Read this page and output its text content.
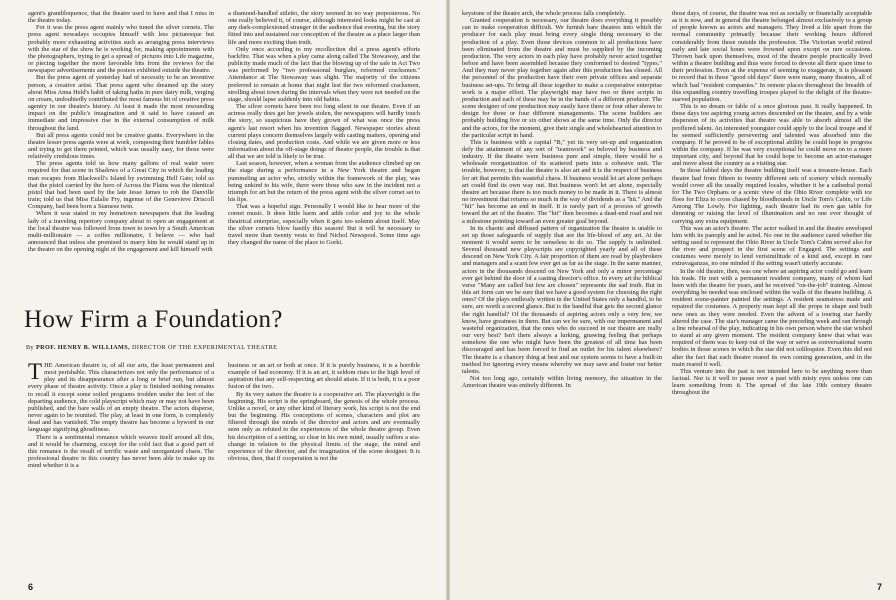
agent's grandiloquence, that the theatre used to have and that I miss in the theatre today.

For it was the press agent mainly who tuned the silver cornets. The press agent nowadays occupies himself with less picturesque but probably more exhausting activities such as arranging press interviews with the star of the show he is working for, making appointments with the photographers, trying to get a spread of pictures into Life magazine, or piecing together the more favorable bits from the reviews for the newspaper advertisements and the posters exhibited outside the theatre.

But the press agent of yesterday had of necessity to be an inventive person, a creative artist. That press agent who dreamed up the story about Miss Anna Held's habit of taking baths in pure dairy milk, verging on cream, undoubtedly contributed the most famous bit of creative press agentry in our theatre's history. At least it made the most resounding impact on the public's imagination and it said to have caused an immediate and impressive rise in the external consumption of milk throughout the land.

But all press agents could not be creative giants. Everywhere in the theatre lesser press agents were at work, composing their humbler fables and trying to get them printed, which was usually easy, for those were relatively credulous times.

The press agents told us how many gallons of real water were required for that scene in Shadows of a Great City in which the leading man escapes from Blackwell's Island by swimming Hell Gate; told us that the pistol carried by the hero of Across the Plains was the identical pistol that had been used by the late Jesse James to rob the Danville train; told us that Miss Eulalie Fry, ingenue of the Genevieve Driscoll Company, had been born a Siamese twin.

When it was stated in my hometown newspapers that the leading lady of a traveling repertory company about to open an engagement at the local theatre was followed from town to town by a South American multi-millionaire — a coffee millionaire, I believe — who had announced that unless she promised to marry him he would stand up in the theatre on the opening night of the engagement and kill himself with

a diamond-handled stiletto, the story seemed in no way preposterous. No one really believed it, of course, although interested looks might be cast at any dark-complexioned stranger in the audience that evening, but the story fitted into and sustained our conception of the theatre as a place larger than life and more exciting than truth.

Only once according to my recollection did a press agent's efforts backfire. That was when a play came along called The Stowaway, and the publicity made much of the fact that the blowing up of the safe in Act Two was performed by "two professional burglars, reformed cracksmen." Attendance at The Stowaway was slight. The majority of the citizens preferred to remain at home that night lest the two reformed cracksmen, strolling about town during the intervals when they were not needed on the stage, should lapse suddenly into old habits.

The silver cornets have been too long silent in our theatre. Even if an actress really does get her jewels stolen, the newspapers will hardly touch the story, so suspicious have they grown of what was once the press agent's last resort when his invention flagged. Newspaper stories about current plays concern themselves largely with casting matters, opening and closing dates, and production costs. And while we are given more or less information about the off-stage doings of theatre people, the trouble is that all that we are told is likely to be true.

Last season, however, when a woman from the audience climbed up on the stage during a performance in a New York theatre and began pummeling an actor who, strictly within the framework of the play, was being unkind to his wife, there were those who saw in the incident not a triumph for art but the return of the press agent with the silver cornet set to his lips.

That was a hopeful sign. Personally I would like to hear more of the cornet music. It does little harm and adds color and joy to the whole theatrical enterprise, especially when it gets too solemn about itself. May the silver cornets blow hastily this season! But it will be necessary to travel more than twenty vests to find Nichol Newspool. Some time ago they changed the name of the place to Gorki.

How Firm a Foundation?
By PROF. HENRY B. WILLIAMS, DIRECTOR OF THE EXPERIMENTAL THEATRE

THE American theatre is, of all our arts, the least permanent and most perishable. This characterizes not only the performance of a play and its disappearance after a long or brief run, but almost every phase of theatre activity. Once a play is finished nothing remains to recall it except some soiled programs trodden under the feet of the departing audience, the cold playscript which may or may not have been published, and the bare walls of an empty theatre. The actors disperse, never again to be reunited. The play, at least in one form, is completely dead and has vanished. The empty theatre has become a byword in our language signifying ghostliness.

There is a sentimental romance which weaves itself around all this, and it would be charming, except for the cold fact that a good part of this romance is the result of terrific waste and unorganized chaos. The professional theatre in this country has never been able to make up its mind whether it is a

business or an art or both at once. If it is purely business, it is a horrible example of bad economy. If it is an art, it seldom rises to the high level of aspiration that any self-respecting art should attain. If it is both, it is a poor fusion of the two.

By its very nature the theatre is a cooperative art. The playwright is the beginning. His script is the springboard, the genesis of the whole process. Unlike a novel, or any other kind of literary work, his script is not the end but the beginning. His conceptions of scenes, characters and plot are filtered through the minds of the director and actors and are eventually seen only as refuted to the experiences of the whole theatre group. Even his description of a setting, so clear in his own mind, usually suffers a sea-change in relation to the physical limits of the stage, the mind and experience of the director, and the imagination of the scene designer. It is obvious, then, that if cooperation is not the

6

keystone of the theatre arch, the whole process falls completely.

Granted cooperation is necessary, our theatre does everything it possibly can to make cooperation difficult. We furnish bare theatres into which the producer for each play must bring every single thing necessary to the production of a play. Even those devices common to all productions have been eliminated from the theatre and must be supplied by the incoming production. The very actors in each play have probably never acted together before and have been assembled because they conformed to desired "types." And they may never play together again after this production has closed. All the personnel of the production have their own private offices and separate business set-ups. To bring all these together to make a cooperative enterprise work is a major effort. The playwright may have two or three scripts in production and each of these may be in the hands of a different producer. The scene designer of one production may easily have three or four other shows to design for three or four different managements. The scene builders are probably building five or six other shows at the same time. Only the director and the actors, for the moment, give their single and wholehearted attention to the particular script in hand.

This is business with a capital "B," yet its very set-up and organization defy the attainment of any sort of "teamwork" so beloved by business and industry. If the theatre were business pure and simple, there would be a wholesale reorganization of its scattered parts into a cohesive unit. The trouble, however, is that the theatre is also art and it is the respect of business for art that permits this wasteful chaos. If business would let art alone perhaps art could find its own way out. But business won't let art alone, especially theatre art because there is too much money to be made in it. There is almost no investment that returns so much in the way of dividends as a "hit." And the "hit" has become an end in itself. It is rarely part of a process of growth toward the art of the theatre. The "hit" then becomes a dead-end road and not a milestone pointing toward an even greater goal beyond.

In its chaotic and diffused pattern of organization the theatre is unable to set up those safeguards of supply that are the life-blood of any art. At the moment it would seem to be senseless to do so. The supply is unlimited. Several thousand new playscripts are copyrighted yearly and all of these descend on New York City. A fair proportion of them are read by playbrokers and managers and a scant few ever get as far as the stage. In the same manner, actors in the thousands descend on New York and only a minor percentage ever get behind the door of a casting director's office. In every art the biblical verse "Many are called but few are chosen" represents the sad truth. But in this art form can we be sure that we have a good system for choosing the right ones? Of the plays endlessly written in the United States only a handful, to be sure, are worth a second glance. But is the handful that gets the second glance the right handful? Of the thousands of aspiring actors only a very few, we know, have greatness in them. But can we be sure, with our impermanent and wasteful organization, that the ones who do succeed in our theatre are really our very best? Isn't there always a lurking, gnawing feeling that perhaps somehow the one who might have been the greatest of all time has been discouraged and has been forced to find an outlet for his talent elsewhere? The theatre is a chancey thing at best and our system seems to have a built-in method for ignoring every means whereby we may save and foster our better talents.

Not too long ago, certainly within living memory, the situation in the American theatre was entirely different. In

those days, of course, the theatre was not as socially or financially acceptable as it is now, and in general the theatre belonged almost exclusively to a group of people known as actors and managers. They lived a life apart from the normal community primarily because their working hours differed considerably from those outside the profession. The Victorian world retired early and late social hours were frowned upon except on rare occasions. Thrown back upon themselves, most of the theatre people practically lived within a theatre building and thus were forced to devote all their spare time to their profession. Even at the expense of seeming to exaggerate, it is pleasant to record that in those "good old days" there were many, many theatres, all of which had "resident companies." In remote places throughout the breadth of this expanding country travelling troupes played to the delight of the theatre-starved population.

This is no dream or fable of a once glorious past. It really happened. In those days too aspiring young actors descended on the theatre, and by a wide dispersion of its activities that theatre was able to absorb almost all the proffered talent. An interested youngster could apply to the local troupe and if he seemed sufficiently persevering and talented was absorbed into the company. If he proved to be of exceptional ability he could hope to progress within the company. If he was very exceptional he could move on to a more important city, and beyond that he could hope to become an actor-manager and move about the country as a visiting star.

In those fabled days the theatre building itself was a treasure-house. Each theatre had from fifteen to twenty different sets of scenery which normally would cover all the usually required locales, whether it be a cathedral portal for The Two Orphans or a scenic view of the Ohio River complete with ice floes for Eliza to cross chased by bloodhounds in Uncle Tom's Cabin, or Life Among The Lowly. For lighting, each theatre had its own gas table for dimming or raising the level of illumination and no one ever thought of carrying any extra equipment.

This was an actor's theatre. The actor walked in and the theatre enveloped him with its panoply and he acted. No one in the audience cared whether the setting used to represent the Ohio River in Uncle Tom's Cabin served also for the river and prospect in the first scene of Engaged. The settings and costumes were merely to lend verisimilitude of a kind and, except in rare extravaganzas, no one minded if the setting wasn't utterly accurate.

In the old theatre, then, was one where an aspiring actor could go and learn his trade. He met with a permanent resident company, many of whom had been with the theatre for years, and he received "on-the-job" training. Almost everything he needed was enclosed within the walls of the theatre building. A resident scene-painter painted the settings. A resident seamstress made and repaired the costumes. A property man kept all the props in shape and built new ones as they were needed. Even the advent of a touring star hardly altered the case. The star's manager came the preceding week and ran through a line rehearsal of the play, indicating in his own person where the star wished to stand at any given moment. The resident company knew that what was required of them was to keep out of the way or serve as conversational warm bodies in those scenes in which the star did not soliloquize. Even this did not alter the fact that each theatre reared its own coming generation, and in the main reared it well.

This venture into the past is not intended here to be anything more than factual. Nor is it well to pause over a past with misty eyes unless one can learn something from it. The spread of the late 19th century theatre throughout the

7
